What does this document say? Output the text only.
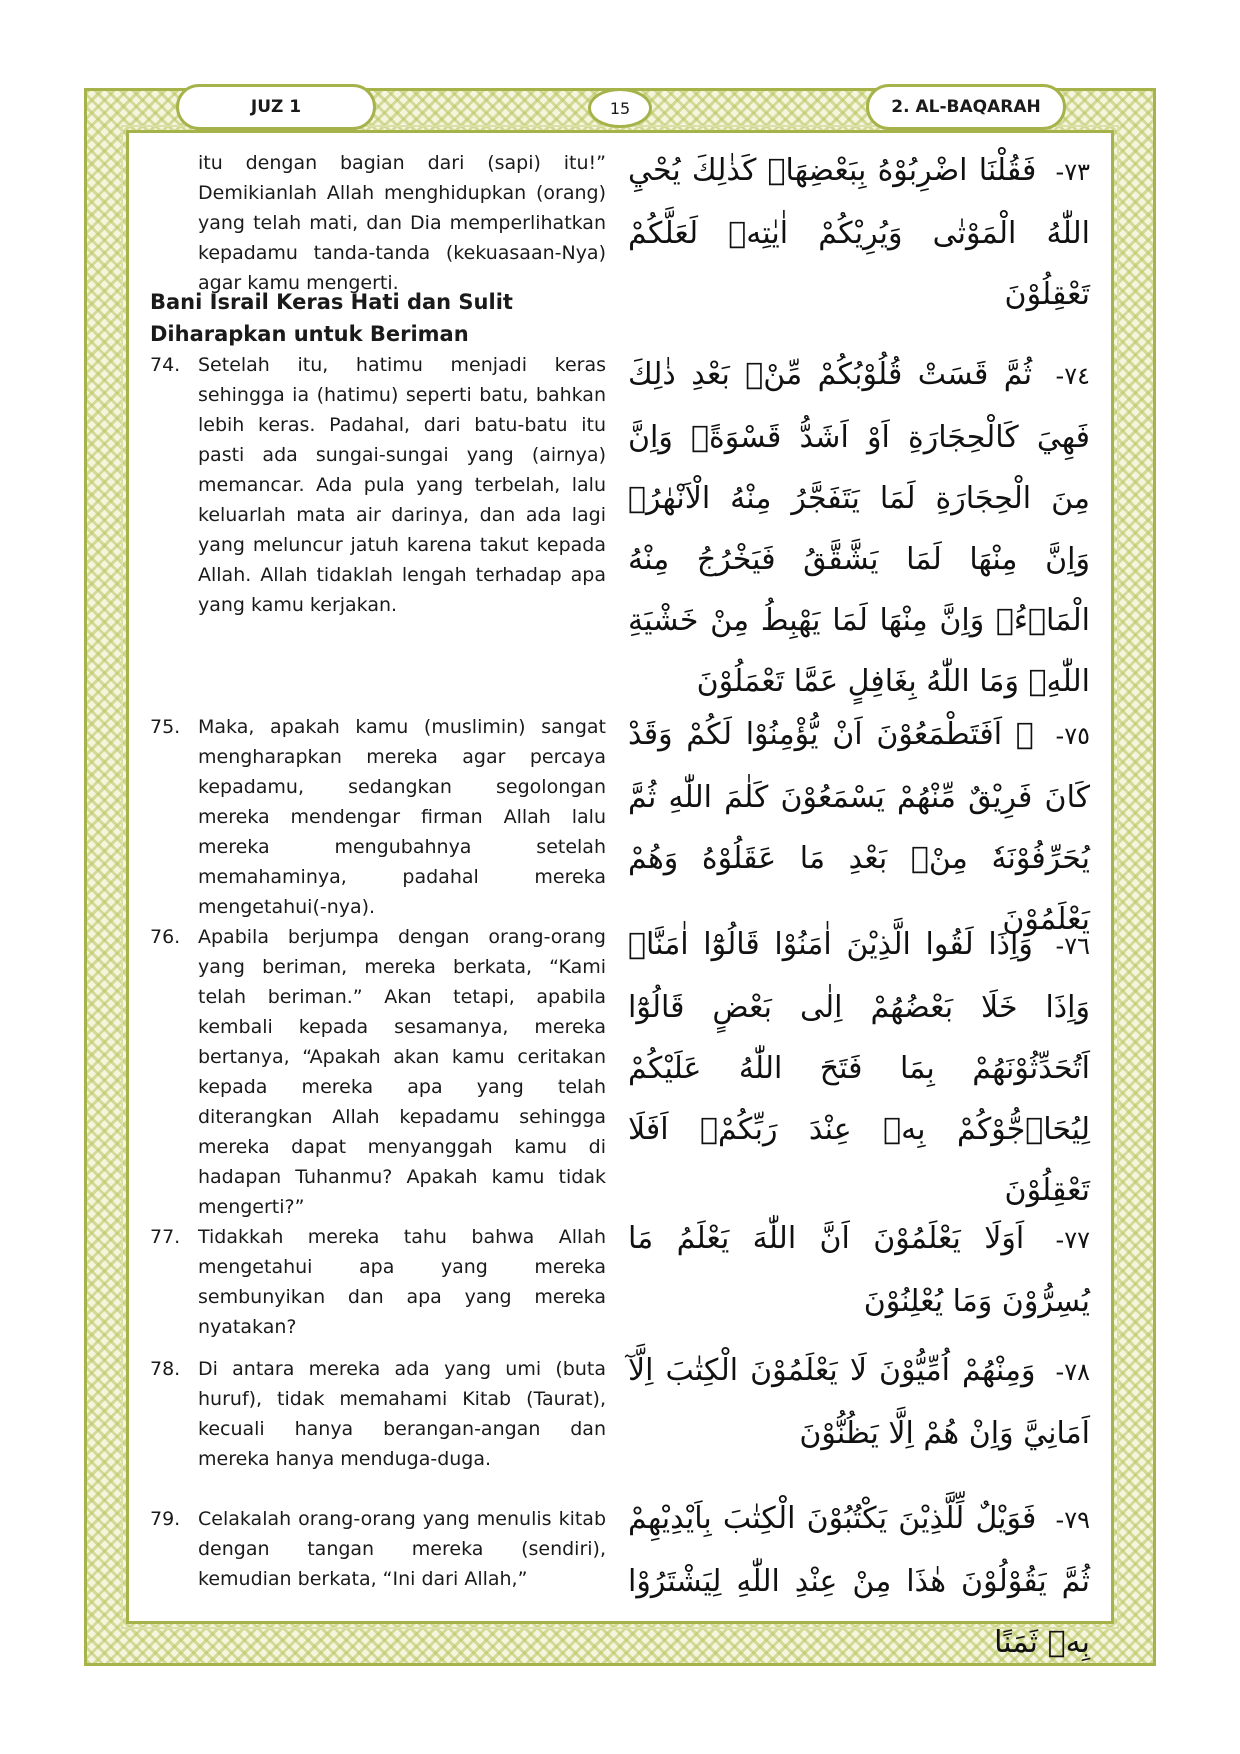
JUZ 1	15	2. AL-BAQARAH
itu dengan bagian dari (sapi) itu!” Demikianlah Allah menghidupkan (orang) yang telah mati, dan Dia memperlihatkan kepadamu tanda-tanda (kekuasaan-Nya) agar kamu mengerti.
Bani Israil Keras Hati dan Sulit Diharapkan untuk Beriman
74. Setelah itu, hatimu menjadi keras sehingga ia (hatimu) seperti batu, bahkan lebih keras. Padahal, dari batu-batu itu pasti ada sungai-sungai yang (airnya) memancar. Ada pula yang terbelah, lalu keluarlah mata air darinya, dan ada lagi yang meluncur jatuh karena takut kepada Allah. Allah tidaklah lengah terhadap apa yang kamu kerjakan.
75. Maka, apakah kamu (muslimin) sangat mengharapkan mereka agar percaya kepadamu, sedangkan segolongan mereka mendengar firman Allah lalu mereka mengubahnya setelah memahaminya, padahal mereka mengetahui(-nya).
76. Apabila berjumpa dengan orang-orang yang beriman, mereka berkata, “Kami telah beriman.” Akan tetapi, apabila kembali kepada sesamanya, mereka bertanya, “Apakah akan kamu ceritakan kepada mereka apa yang telah diterangkan Allah kepadamu sehingga mereka dapat menyanggah kamu di hadapan Tuhanmu? Apakah kamu tidak mengerti?”
77. Tidakkah mereka tahu bahwa Allah mengetahui apa yang mereka sembunyikan dan apa yang mereka nyatakan?
78. Di antara mereka ada yang umi (buta huruf), tidak memahami Kitab (Taurat), kecuali hanya berangan-angan dan mereka hanya menduga-duga.
79. Celakalah orang-orang yang menulis kitab dengan tangan mereka (sendiri), kemudian berkata, “Ini dari Allah,”
٧٣- فَقُلْنَا اضْرِبُوْهُ بِبَعْضِهَاۗ كَذٰلِكَ يُحْيِ اللّٰهُ الْمَوْتٰى وَيُرِيْكُمْ اٰيٰتِهٖ لَعَلَّكُمْ تَعْقِلُوْنَ
٧٤- ثُمَّ قَسَتْ قُلُوْبُكُمْ مِّنْۢ بَعْدِ ذٰلِكَ فَهِيَ كَالْحِجَارَةِ اَوْ اَشَدُّ قَسْوَةًۗ وَاِنَّ مِنَ الْحِجَارَةِ لَمَا يَتَفَجَّرُ مِنْهُ الْاَنْهٰرُۗ وَاِنَّ مِنْهَا لَمَا يَشَّقَّقُ فَيَخْرُجُ مِنْهُ الْمَاۤءُۗ وَاِنَّ مِنْهَا لَمَا يَهْبِطُ مِنْ خَشْيَةِ اللّٰهِۗ وَمَا اللّٰهُ بِغَافِلٍ عَمَّا تَعْمَلُوْنَ
٧٥- ۞ اَفَتَطْمَعُوْنَ اَنْ يُّؤْمِنُوْا لَكُمْ وَقَدْ كَانَ فَرِيْقٌ مِّنْهُمْ يَسْمَعُوْنَ كَلٰمَ اللّٰهِ ثُمَّ يُحَرِّفُوْنَهٗ مِنْۢ بَعْدِ مَا عَقَلُوْهُ وَهُمْ يَعْلَمُوْنَ
٧٦- وَاِذَا لَقُوا الَّذِيْنَ اٰمَنُوْا قَالُوْٓا اٰمَنَّاۚ وَاِذَا خَلَا بَعْضُهُمْ اِلٰى بَعْضٍ قَالُوْٓا اَتُحَدِّثُوْنَهُمْ بِمَا فَتَحَ اللّٰهُ عَلَيْكُمْ لِيُحَاۤجُّوْكُمْ بِهٖ عِنْدَ رَبِّكُمْۗ اَفَلَا تَعْقِلُوْنَ
٧٧- اَوَلَا يَعْلَمُوْنَ اَنَّ اللّٰهَ يَعْلَمُ مَا يُسِرُّوْنَ وَمَا يُعْلِنُوْنَ
٧٨- وَمِنْهُمْ اُمِّيُّوْنَ لَا يَعْلَمُوْنَ الْكِتٰبَ اِلَّآ اَمَانِيَّ وَاِنْ هُمْ اِلَّا يَظُنُّوْنَ
٧٩- فَوَيْلٌ لِّلَّذِيْنَ يَكْتُبُوْنَ الْكِتٰبَ بِاَيْدِيْهِمْ ثُمَّ يَقُوْلُوْنَ هٰذَا مِنْ عِنْدِ اللّٰهِ لِيَشْتَرُوْا بِهٖ ثَمَنًا
